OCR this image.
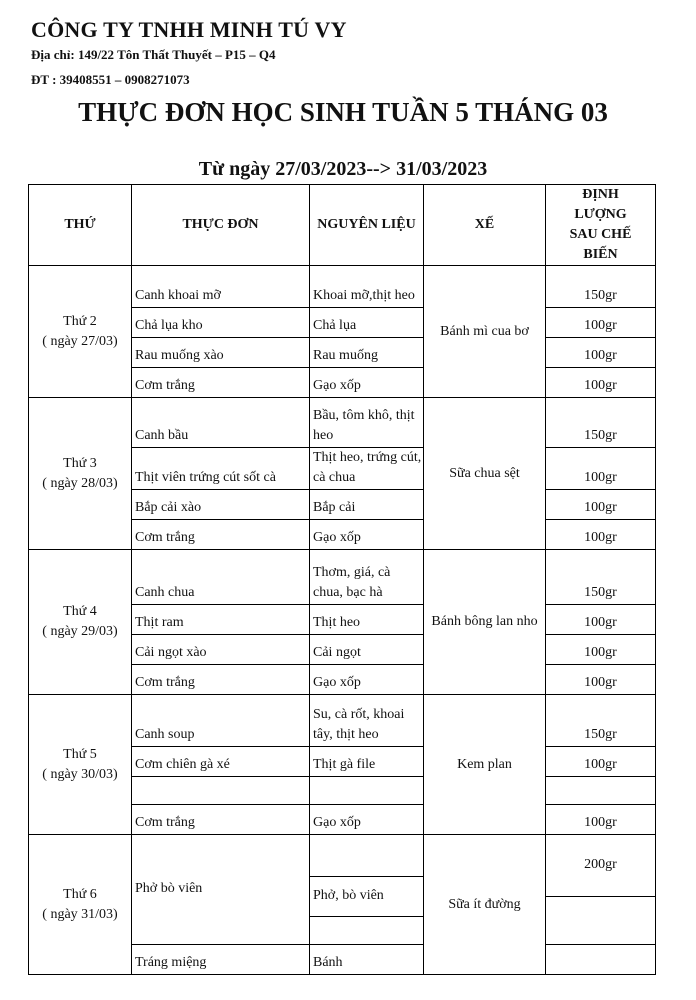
CÔNG TY TNHH MINH TÚ VY
Địa chỉ: 149/22 Tôn Thất Thuyết – P15 – Q4
ĐT : 39408551 – 0908271073
THỰC ĐƠN HỌC SINH TUẦN 5 THÁNG 03
Từ ngày 27/03/2023--> 31/03/2023
THỨ	THỰC ĐƠN	NGUYÊN LIỆU	XẾ	ĐỊNH LƯỢNG SAU CHẾ BIẾN

Thứ 2
( ngày 27/03)	Canh khoai mỡ	Khoai mỡ,thịt heo	Bánh mì cua bơ	150gr
	Chả lụa kho	Chả lụa		100gr
	Rau muống xào	Rau muống		100gr
	Cơm trắng	Gạo xốp		100gr

Thứ 3
( ngày 28/03)	Canh bầu	Bầu, tôm khô, thịt heo	Sữa chua sệt	150gr
	Thịt viên trứng cút sốt cà	Thịt heo, trứng cút, cà chua		100gr
	Bắp cải xào	Bắp cải		100gr
	Cơm trắng	Gạo xốp		100gr

Thứ 4
( ngày 29/03)	Canh chua	Thơm, giá, cà chua, bạc hà	Bánh bông lan nho	150gr
	Thịt ram	Thịt heo		100gr
	Cải ngọt xào	Cải ngọt		100gr
	Cơm trắng	Gạo xốp		100gr

Thứ 5
( ngày 30/03)	Canh soup	Su, cà rốt, khoai tây, thịt heo	Kem plan	150gr
	Cơm chiên gà xé	Thịt gà file		100gr

	Cơm trắng	Gạo xốp		100gr

Thứ 6
( ngày 31/03)	Phở bò viên		Sữa ít đường	200gr
		Phở, bò viên		

	Tráng miệng	Bánh		
